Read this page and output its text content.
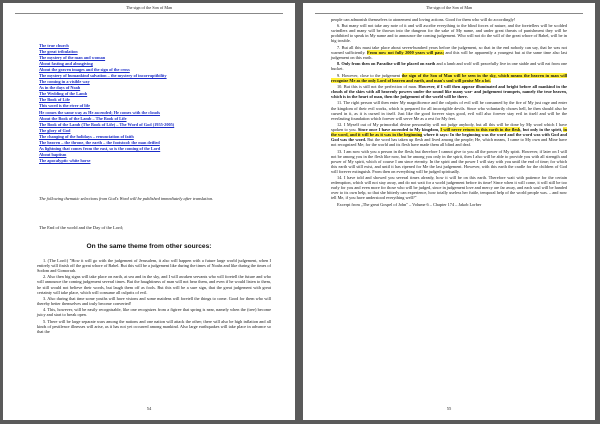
The sign of the Son of Man
The true church
The great tribulation
The mystery of the man and woman
About fasting and almsgiving
About the graven images and the sign of the cross
The mystery of humankind salvation – the mystery of incorruptibility
The coming in a visible way
As in the days of Noah
The Wedding of the Lamb
The Book of Life
This word is the river of life
He comes the same way as He ascended; He comes with the clouds
About the Book of the Lamb – The Book of Life
The Book of the Lamb (The Book of Life) – The Word of God (1955-2005)
The glory of God
The changing of the holidays – renunciation of faith
The heaven – the throne, the earth – the footstool: the man deified
As lightning that comes from the east, so is the coming of the Lord
About baptism
The apocalyptic white horse

The following thematic selections from God's Word will be published immediately after translation.

The End of the world and the Day of the Lord;

On the same theme from other sources:

1. (The Lord:) "How it will go with the judgement of Jerusalem, it also will happen with a future large world judgement, when I entirely will finish off the great whore of Babel. But this will be a judgement like during the times of Noahs and like during the times of Sodom and Gomorrah.

2. Also then big signs will take place on earth, at sea and in the sky, and I will awaken servants who will foretell the future and who will announce the coming judgement several times. But the haughtiness of man will not hear them, and even if he would listen to them, he still would not believe their words, but laugh them off as fools. But this will be a sure sign, that the great judgement with great certainty will take place, which will consume all culprits of evil.

3. Also during that time some youths will have visions and some maidens will foretell the things to come. Good for them who will thereby better themselves and truly become converted!

4. This, however, will be easily recognisable, like one recognizes from a figtree that spring is near, namely when the (tree) become juicy and start to break open.

5. There will be large separate wars among the nations and one nation will attack the other; there will also be high inflation and all kinds of pestilence illnesses will arise, as it has not yet occurred among mankind. Also large earthquakes will take place in advance so that the

54
The sign of the Son of Man

people can admonish themselves to atonement and loving actions. Good for them who will do accordingly!

6. But many will not take any note of it and will ascribe everything to the blind forces of nature, and the foretellers will be scolded swindlers and many will be thrown into the dungeon for the sake of My name, and under great threats of punishment they will be prohibited to speak in My name and to announce the coming judgement. Who will not do the will of the great whore of Babel, will be in big trouble.

7. But all this must take place about seven-hundred years before the judgement, so that in the end nobody can say, that he was not warned sufficiently. From now not fully 2000 years will pass; and this will be apparently a youngest but at the same time also last judgement on this earth.

8. Only from then on Paradise will be placed on earth and a lamb and wolf will peacefully live in one stable and will eat from one bucket.

9. However, close to the judgement the sign of the Son of Man will be seen in the sky, which means the heaven in man will recognize Me as the only Lord of heaven and earth, and man's soul will praise Me a lot.

10. But this is still not the perfection of man. However, if I will then appear illuminated and bright before all mankind in the clouds of the skies with all heavenly powers under the sound like many war- and judgement trumpets, namely the true heaven, which is in the heart of man, then the judgement of the world will be there.

11. The right person will then enter My magnificence and the culprits of evil will be consumed by the fire of My just rage and enter the kingdom of their evil works, which is prepared for all incorrigible devils. Since who voluntarily choses hell, he then should also be cursed in it, as it is cursed in itself. Just like the good forever stays good, evil will also forever stay evil in itself and will be the everlasting foundation which forever will serve Me as a rest for My feet.

12. I Myself out of My primordial divine personality will not judge anybody, but all this will be done by My word which I have spoken to you. Since once I have ascended to My kingdom, I will never return to this earth in the flesh, but only in the spirit, in the word, and it will be as it was in the beginning where it says: In the beginning was the word and the word was with God and God was the word. But the word has taken up flesh and lived among the people; He, which means, I came to My own and Mine have not recognized Me; for the world and its flesh have made them all blind and deaf.

13. I am now with you a person in the flesh; but therefore I cannot give to you all the power of My spirit. However, if later on I will not be among you in the flesh like now, but be among you only in the spirit, then I also will be able to provide you with all strength and power of My spirit, which of course I am since eternity. In the spirit and the power I will stay with you until the end of time; for which this earth will still exist, and until it has ripened for Me the last judgement. However, with this earth the cradle for the children of God will forever extinguish. From then on everything will be judged spiritually.

14. I have told and showed you several times already, how it will be on this earth. Therefore wait with patience for the certain redemption, which will not stay away, and do not wait for a world judgement before its time! Since when it will come, it will still be too early for you and even more for those who will be judged, since in judgement love and mercy are far away, and each soul will be handed over to its own help, so that she bitterly can experience, how totally useless her futile, temporal help of the world people was. – and now tell Me, if you have understood everything well?"

Excerpt from „The great Gospel of John" – Volume 6 – Chapter 174 – Jakob Lorber

55
